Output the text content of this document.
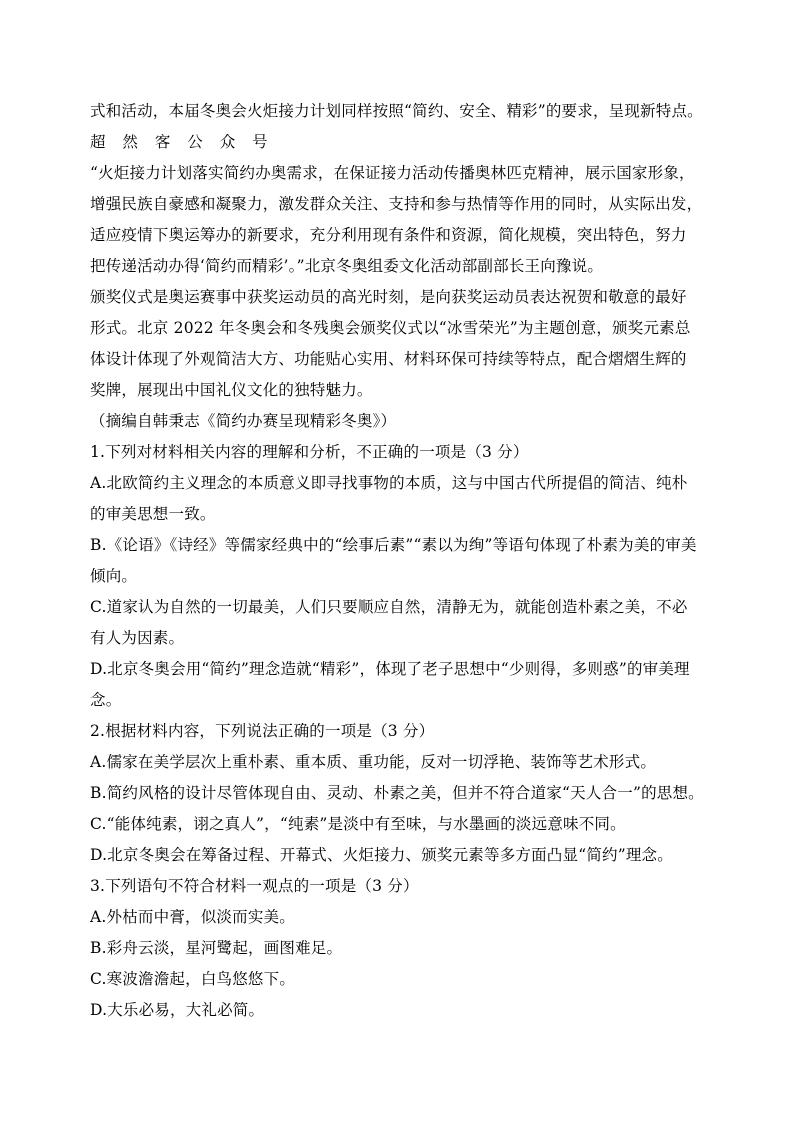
式和活动，本届冬奥会火炬接力计划同样按照“简约、安全、精彩”的要求，呈现新特点。
超 然 客 公 众 号
“火炬接力计划落实简约办奥需求，在保证接力活动传播奥林匹克精神，展示国家形象，
增强民族自豪感和凝聚力，激发群众关注、支持和参与热情等作用的同时，从实际出发，
适应疫情下奥运筹办的新要求，充分利用现有条件和资源，简化规模，突出特色，努力
把传递活动办得‘简约而精彩’。”北京冬奥组委文化活动部副部长王向豫说。
颁奖仪式是奥运赛事中获奖运动员的高光时刻，是向获奖运动员表达祝贺和敬意的最好
形式。北京 2022 年冬奥会和冬残奥会颁奖仪式以“冰雪荣光”为主题创意，颁奖元素总
体设计体现了外观简洁大方、功能贴心实用、材料环保可持续等特点，配合熠熠生辉的
奖牌，展现出中国礼仪文化的独特魅力。
（摘编自韩秉志《简约办赛呈现精彩冬奥》）
1.下列对材料相关内容的理解和分析，不正确的一项是（3 分）
A.北欧简约主义理念的本质意义即寻找事物的本质，这与中国古代所提倡的简洁、纯朴
的审美思想一致。
B.《论语》《诗经》等儒家经典中的“绘事后素”“素以为绚”等语句体现了朴素为美的审美
倾向。
C.道家认为自然的一切最美，人们只要顺应自然，清静无为，就能创造朴素之美，不必
有人为因素。
D.北京冬奥会用“简约”理念造就“精彩”，体现了老子思想中“少则得，多则惑”的审美理
念。
2.根据材料内容，下列说法正确的一项是（3 分）
A.儒家在美学层次上重朴素、重本质、重功能，反对一切浮艳、装饰等艺术形式。
B.简约风格的设计尽管体现自由、灵动、朴素之美，但并不符合道家“天人合一”的思想。
C.“能体纯素，诩之真人”，“纯素”是淡中有至味，与水墨画的淡远意味不同。
D.北京冬奥会在筹备过程、开幕式、火炬接力、颁奖元素等多方面凸显“简约”理念。
3.下列语句不符合材料一观点的一项是（3 分）
A.外枯而中膏，似淡而实美。
B.彩舟云淡，星河鹭起，画图难足。
C.寒波澹澹起，白鸟悠悠下。
D.大乐必易，大礼必简。
